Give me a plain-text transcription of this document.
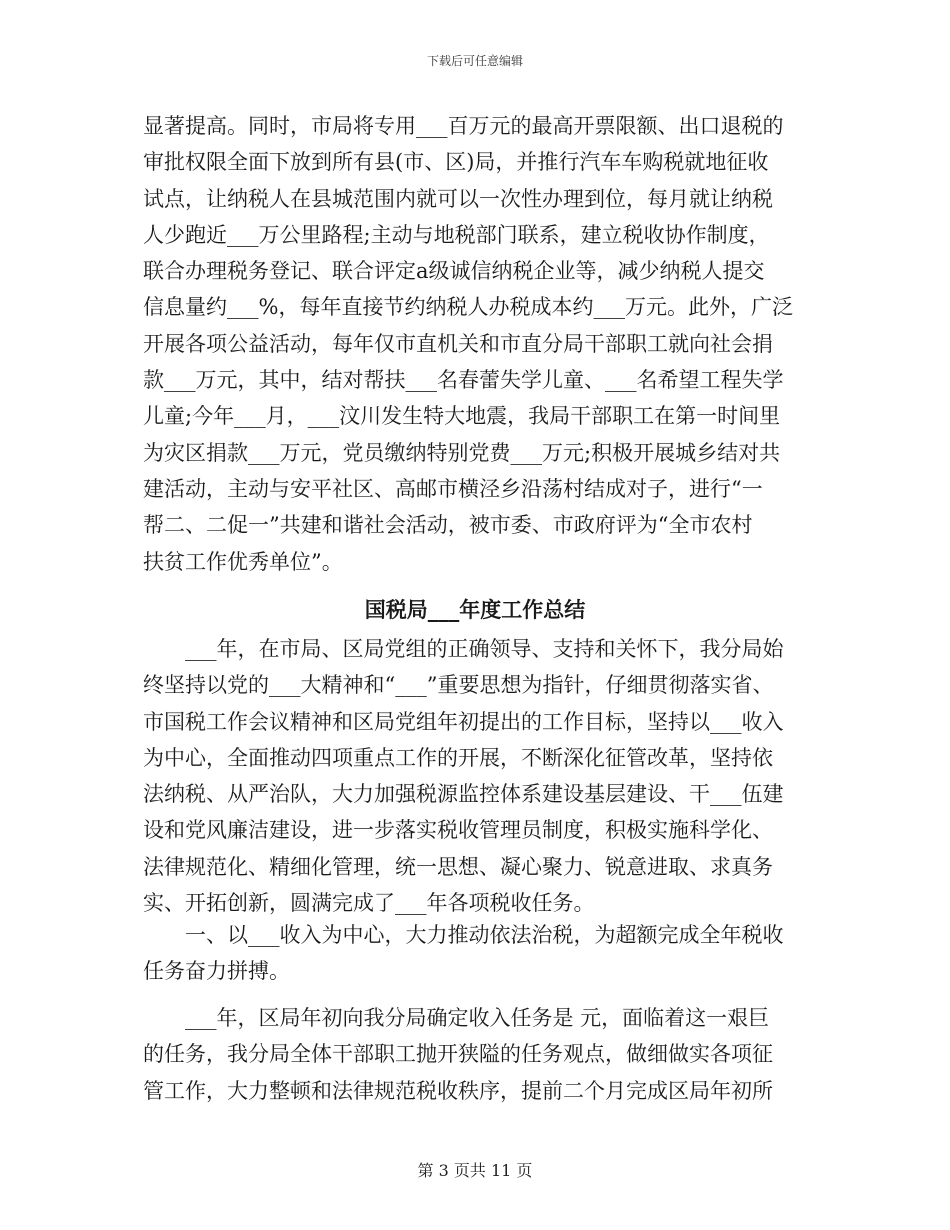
下载后可任意编辑
显著提高。同时，市局将专用___百万元的最高开票限额、出口退税的
审批权限全面下放到所有县(市、区)局，并推行汽车车购税就地征收
试点，让纳税人在县城范围内就可以一次性办理到位，每月就让纳税
人少跑近___万公里路程;主动与地税部门联系，建立税收协作制度，
联合办理税务登记、联合评定a级诚信纳税企业等，减少纳税人提交
信息量约___%，每年直接节约纳税人办税成本约___万元。此外，广泛
开展各项公益活动，每年仅市直机关和市直分局干部职工就向社会捐
款___万元，其中，结对帮扶___名春蕾失学儿童、___名希望工程失学
儿童;今年___月，___汶川发生特大地震，我局干部职工在第一时间里
为灾区捐款___万元，党员缴纳特别党费___万元;积极开展城乡结对共
建活动，主动与安平社区、高邮市横泾乡沿荡村结成对子，进行“一
帮二、二促一”共建和谐社会活动，被市委、市政府评为“全市农村
扶贫工作优秀单位”。
国税局___年度工作总结
　　___年，在市局、区局党组的正确领导、支持和关怀下，我分局始
终坚持以党的___大精神和“___”重要思想为指针，仔细贯彻落实省、
市国税工作会议精神和区局党组年初提出的工作目标，坚持以___收入
为中心，全面推动四项重点工作的开展，不断深化征管改革，坚持依
法纳税、从严治队，大力加强税源监控体系建设基层建设、干___伍建
设和党风廉洁建设，进一步落实税收管理员制度，积极实施科学化、
法律规范化、精细化管理，统一思想、凝心聚力、锐意进取、求真务
实、开拓创新，圆满完成了___年各项税收任务。
　　一、以___收入为中心，大力推动依法治税，为超额完成全年税收
任务奋力拼搏。
　　___年，区局年初向我分局确定收入任务是 元，面临着这一艰巨
的任务，我分局全体干部职工抛开狭隘的任务观点，做细做实各项征
管工作，大力整顿和法律规范税收秩序，提前二个月完成区局年初所
第 3 页共 11 页
